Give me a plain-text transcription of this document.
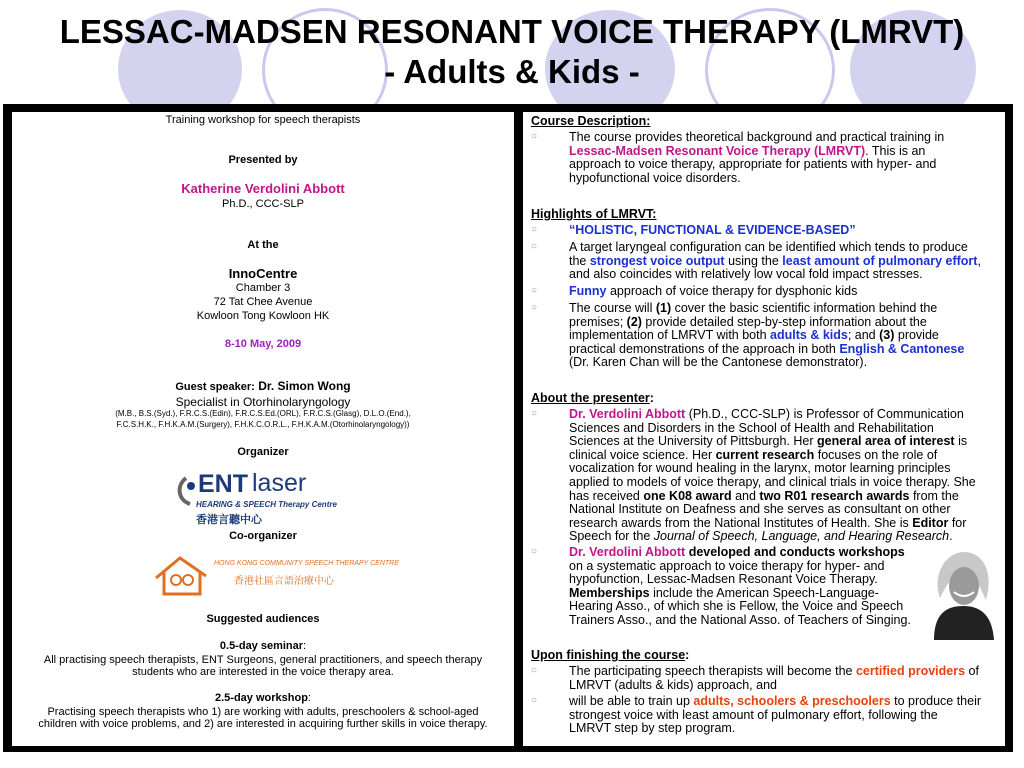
LESSAC-MADSEN RESONANT VOICE THERAPY (LMRVT)
- Adults & Kids -
Training workshop for speech therapists
Presented by
Katherine Verdolini Abbott
Ph.D., CCC-SLP
At the
InnoCentre
Chamber 3
72 Tat Chee Avenue
Kowloon Tong Kowloon HK
8-10 May, 2009
Guest speaker: Dr. Simon Wong
Specialist in Otorhinolaryngology
(M.B., B.S.(Syd.), F.R.C.S.(Edin), F.R.C.S.Ed.(ORL), F.R.C.S.(Glasg), D.L.O.(End.),
F.C.S.H.K., F.H.K.A.M.(Surgery), F.H.K.C.O.R.L., F.H.K.A.M.(Otorhinolaryngology))
Organizer
ENT laser
HEARING & SPEECH Therapy Centre
香港言聽中心
Co-organizer
HONG KONG COMMUNITY SPEECH THERAPY CENTRE
香港社區言語治療中心
Suggested audiences
0.5-day seminar:
All practising speech therapists, ENT Surgeons, general practitioners, and speech therapy
students who are interested in the voice therapy area.
2.5-day workshop:
Practising speech therapists who 1) are working with adults, preschoolers & school-aged
children with voice problems, and 2) are interested in acquiring further skills in voice therapy.
Course Description:
○
The course provides theoretical background and practical training in
Lessac-Madsen Resonant Voice Therapy (LMRVT). This is an
approach to voice therapy, appropriate for patients with hyper- and
hypofunctional voice disorders.
Highlights of LMRVT:
○
“HOLISTIC, FUNCTIONAL & EVIDENCE-BASED”
○
A target laryngeal configuration can be identified which tends to produce
the strongest voice output using the least amount of pulmonary effort,
and also coincides with relatively low vocal fold impact stresses.
○
Funny approach of voice therapy for dysphonic kids
○
The course will (1) cover the basic scientific information behind the
premises; (2) provide detailed step-by-step information about the
implementation of LMRVT with both adults & kids; and (3) provide
practical demonstrations of the approach in both English & Cantonese
(Dr. Karen Chan will be the Cantonese demonstrator).
About the presenter:
○
Dr. Verdolini Abbott (Ph.D., CCC-SLP) is Professor of Communication
Sciences and Disorders in the School of Health and Rehabilitation
Sciences at the University of Pittsburgh. Her general area of interest is
clinical voice science. Her current research focuses on the role of
vocalization for wound healing in the larynx, motor learning principles
applied to models of voice therapy, and clinical trials in voice therapy. She
has received one K08 award and two R01 research awards from the
National Institute on Deafness and she serves as consultant on other
research awards from the National Institutes of Health. She is Editor for
Speech for the Journal of Speech, Language, and Hearing Research.
○
Dr. Verdolini Abbott developed and conducts workshops
on a systematic approach to voice therapy for hyper- and
hypofunction, Lessac-Madsen Resonant Voice Therapy.
Memberships include the American Speech-Language-
Hearing Asso., of which she is Fellow, the Voice and Speech
Trainers Asso., and the National Asso. of Teachers of Singing.
Upon finishing the course:
○
The participating speech therapists will become the certified providers of
LMRVT (adults & kids) approach, and
○
will be able to train up adults, schoolers & preschoolers to produce their
strongest voice with least amount of pulmonary effort, following the
LMRVT step by step program.
